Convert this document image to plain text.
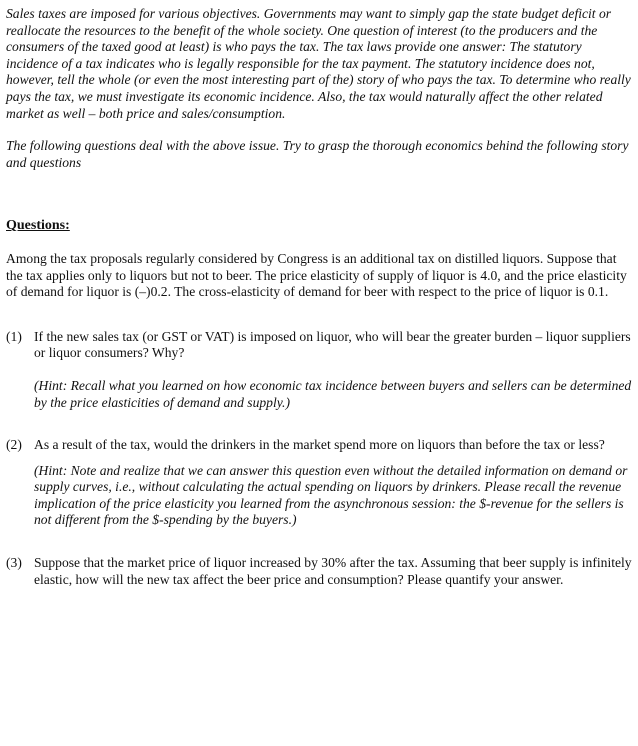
Sales taxes are imposed for various objectives. Governments may want to simply gap the state budget deficit or reallocate the resources to the benefit of the whole society. One question of interest (to the producers and the consumers of the taxed good at least) is who pays the tax. The tax laws provide one answer: The statutory incidence of a tax indicates who is legally responsible for the tax payment. The statutory incidence does not, however, tell the whole (or even the most interesting part of the) story of who pays the tax. To determine who really pays the tax, we must investigate its economic incidence. Also, the tax would naturally affect the other related market as well – both price and sales/consumption.

The following questions deal with the above issue. Try to grasp the thorough economics behind the following story and questions

Questions:
Among the tax proposals regularly considered by Congress is an additional tax on distilled liquors. Suppose that the tax applies only to liquors but not to beer. The price elasticity of supply of liquor is 4.0, and the price elasticity of demand for liquor is (–)0.2. The cross-elasticity of demand for beer with respect to the price of liquor is 0.1.
(1) If the new sales tax (or GST or VAT) is imposed on liquor, who will bear the greater burden – liquor suppliers or liquor consumers? Why?
(Hint: Recall what you learned on how economic tax incidence between buyers and sellers can be determined by the price elasticities of demand and supply.)
(2) As a result of the tax, would the drinkers in the market spend more on liquors than before the tax or less?
(Hint: Note and realize that we can answer this question even without the detailed information on demand or supply curves, i.e., without calculating the actual spending on liquors by drinkers. Please recall the revenue implication of the price elasticity you learned from the asynchronous session: the $-revenue for the sellers is not different from the $-spending by the buyers.)
(3) Suppose that the market price of liquor increased by 30% after the tax. Assuming that beer supply is infinitely elastic, how will the new tax affect the beer price and consumption? Please quantify your answer.
